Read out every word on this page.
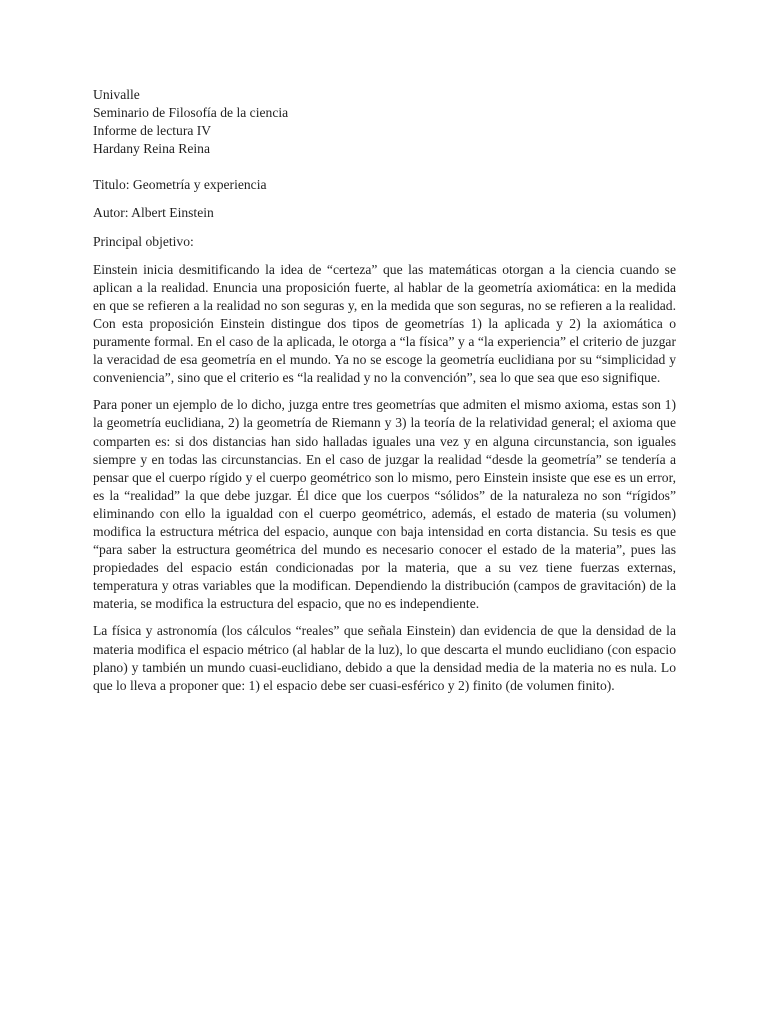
Univalle

Seminario de Filosofía de la ciencia

Informe de lectura IV

Hardany Reina Reina

Titulo: Geometría y experiencia

Autor: Albert Einstein

Principal objetivo:

Einstein inicia desmitificando la idea de “certeza” que las matemáticas otorgan a la ciencia cuando se aplican a la realidad. Enuncia una proposición fuerte, al hablar de la geometría axiomática: en la medida en que se refieren a la realidad no son seguras y, en la medida que son seguras, no se refieren a la realidad. Con esta proposición Einstein distingue dos tipos de geometrías 1) la aplicada y 2) la axiomática o puramente formal. En el caso de la aplicada, le otorga a “la física” y a “la experiencia” el criterio de juzgar la veracidad de esa geometría en el mundo. Ya no se escoge la geometría euclidiana por su “simplicidad y conveniencia”, sino que el criterio es “la realidad y no la convención”, sea lo que sea que eso signifique.

Para poner un ejemplo de lo dicho, juzga entre tres geometrías que admiten el mismo axioma, estas son 1) la geometría euclidiana, 2) la geometría de Riemann y 3) la teoría de la relatividad general; el axioma que comparten es: si dos distancias han sido halladas iguales una vez y en alguna circunstancia, son iguales siempre y en todas las circunstancias. En el caso de juzgar la realidad “desde la geometría” se tendería a pensar que el cuerpo rígido y el cuerpo geométrico son lo mismo, pero Einstein insiste que ese es un error, es la “realidad” la que debe juzgar. Él dice que los cuerpos “sólidos” de la naturaleza no son “rígidos” eliminando con ello la igualdad con el cuerpo geométrico, además, el estado de materia (su volumen) modifica la estructura métrica del espacio, aunque con baja intensidad en corta distancia. Su tesis es que “para saber la estructura geométrica del mundo es necesario conocer el estado de la materia”, pues las propiedades del espacio están condicionadas por la materia, que a su vez tiene fuerzas externas, temperatura y otras variables que la modifican. Dependiendo la distribución (campos de gravitación) de la materia, se modifica la estructura del espacio, que no es independiente.

La física y astronomía (los cálculos “reales” que señala Einstein) dan evidencia de que la densidad de la materia modifica el espacio métrico (al hablar de la luz), lo que descarta el mundo euclidiano (con espacio plano) y también un mundo cuasi-euclidiano, debido a que la densidad media de la materia no es nula. Lo que lo lleva a proponer que: 1) el espacio debe ser cuasi-esférico y 2) finito (de volumen finito).
